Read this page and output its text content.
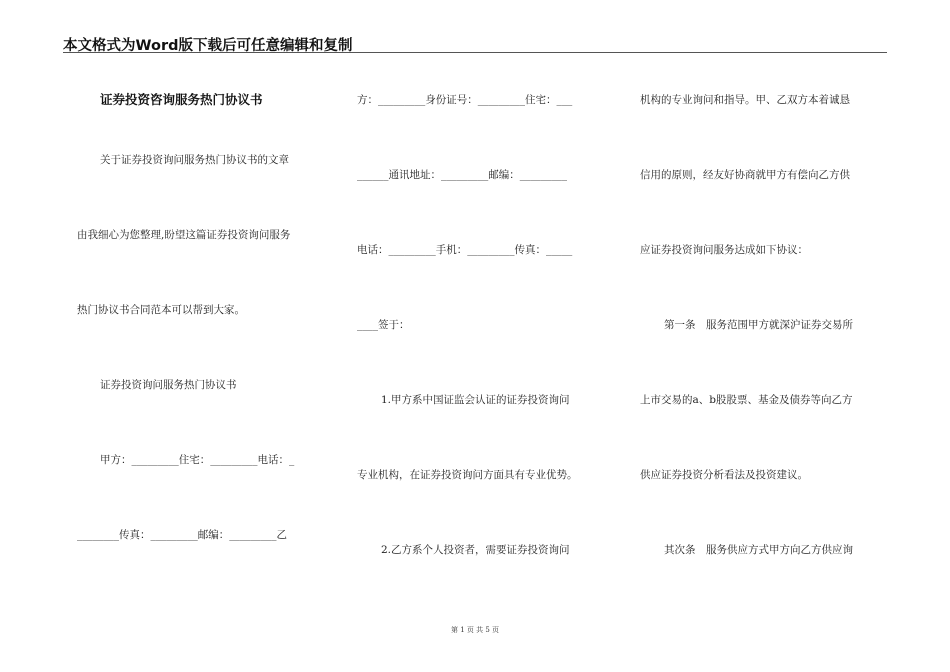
本文格式为Word版下载后可任意编辑和复制
证券投资咨询服务热门协议书
关于证券投资询问服务热门协议书的文章
由我细心为您整理,盼望这篇证券投资询问服务
热门协议书合同范本可以帮到大家。
证券投资询问服务热门协议书
甲方：_________住宅：_________电话：_
________传真：_________邮编：_________乙
方：_________身份证号：_________住宅：___
______通讯地址：_________邮编：_________
电话：_________手机：_________传真：_____
____签于：
1.甲方系中国证监会认证的证券投资询问
专业机构，在证券投资询问方面具有专业优势。
2.乙方系个人投资者，需要证券投资询问
机构的专业询问和指导。甲、乙双方本着诚恳
信用的原则，经友好协商就甲方有偿向乙方供
应证券投资询问服务达成如下协议：
第一条　服务范围甲方就深沪证券交易所
上市交易的a、b股股票、基金及债券等向乙方
供应证券投资分析看法及投资建议。
其次条　服务供应方式甲方向乙方供应询
第 1 页 共 5 页
